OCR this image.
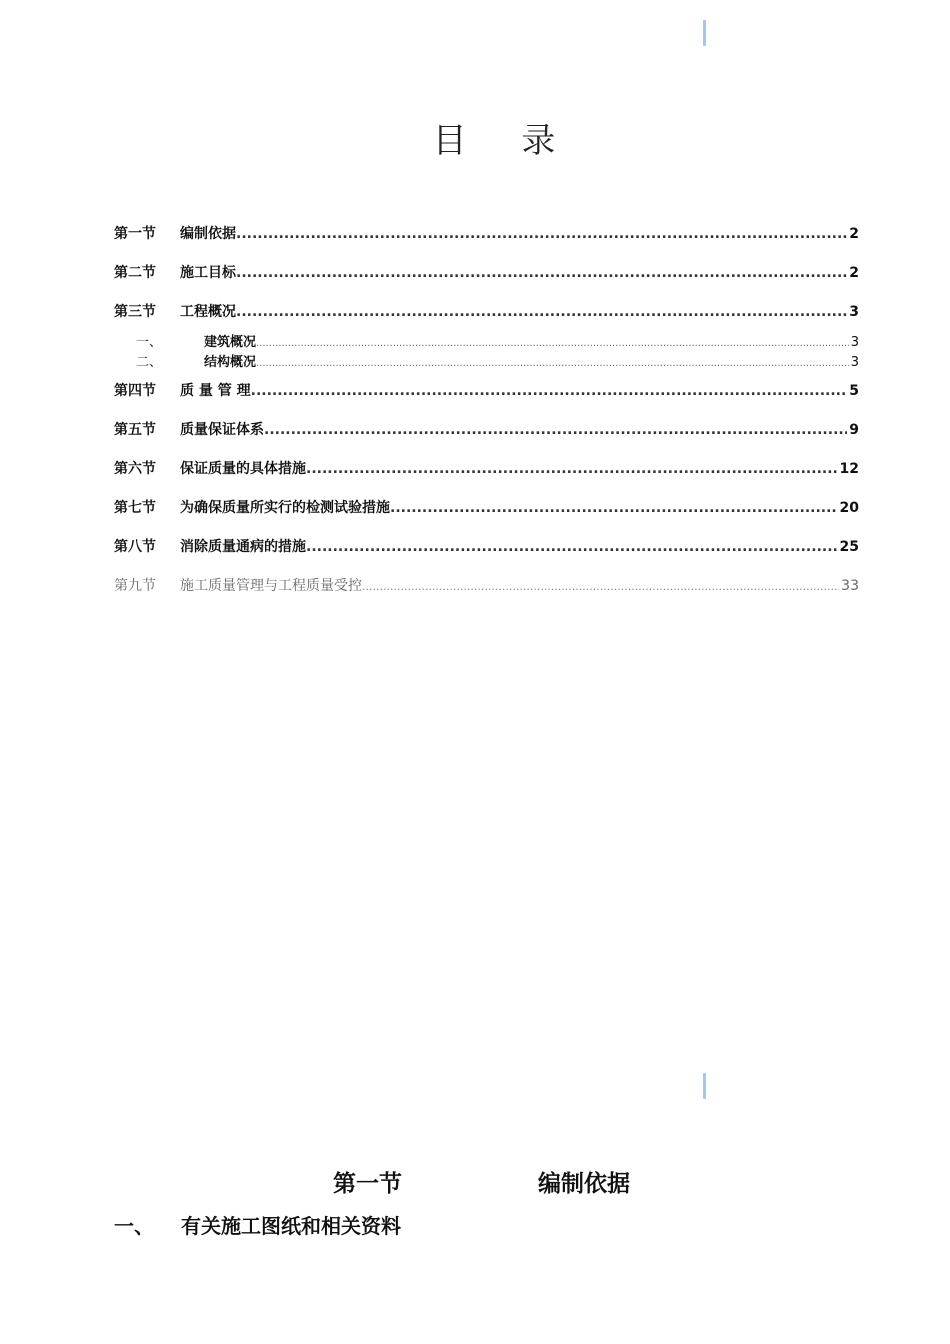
目 录
第一节	编制依据 .....	2
第二节	施工目标 .....	2
第三节	工程概况 .....	3
一、	建筑概况 .....	3
二、	结构概况 .....	3
第四节	质 量 管 理 .....	5
第五节	质量保证体系 .....	9
第六节	保证质量的具体措施 .....	12
第七节	为确保质量所实行的检测试验措施 .....	20
第八节	消除质量通病的措施 .....	25
第九节	施工质量管理与工程质量受控 .....	33
第一节	编制依据
一、 有关施工图纸和相关资料
